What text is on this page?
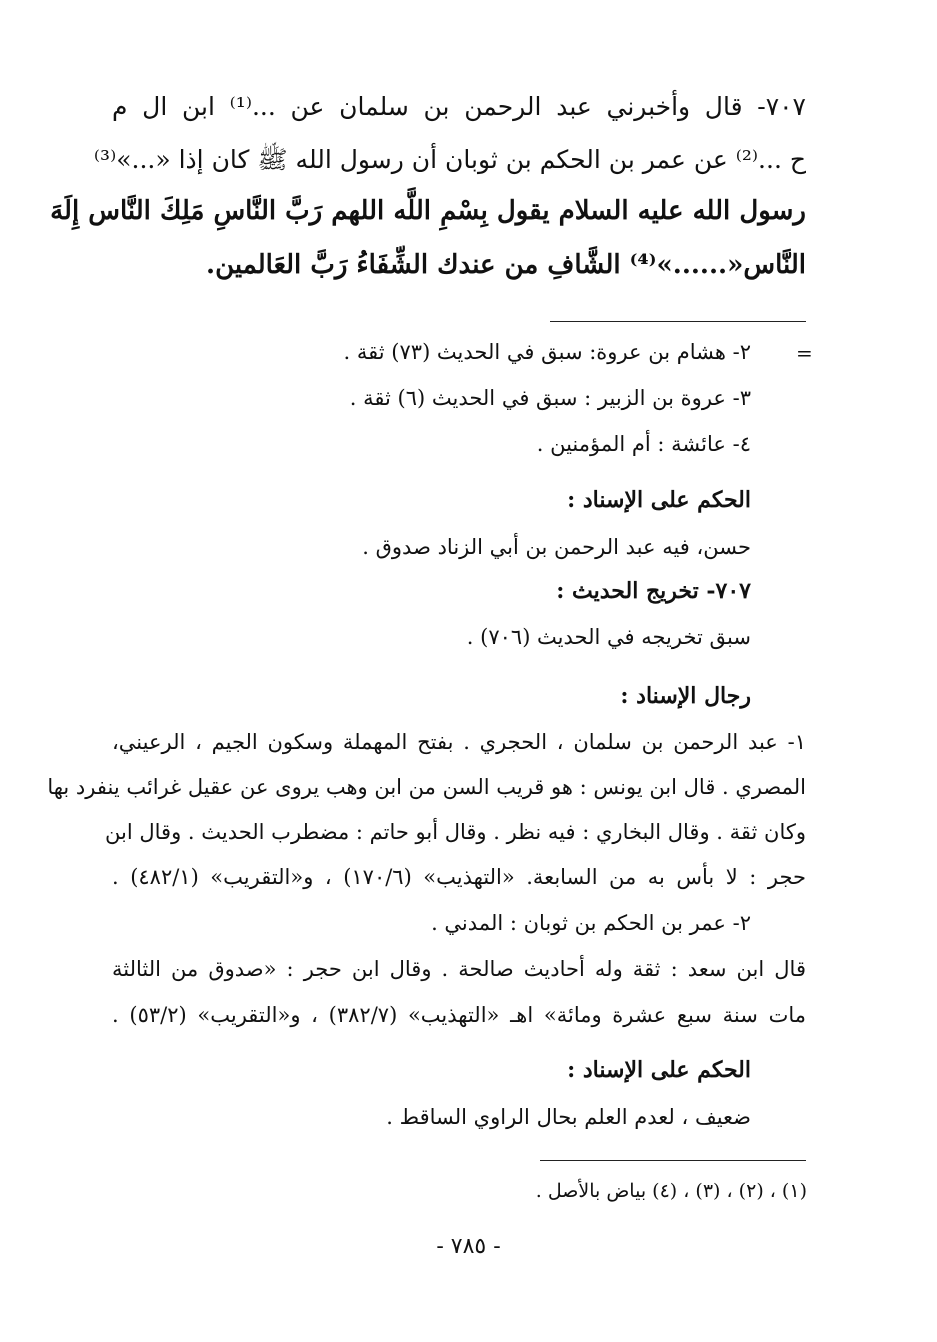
٧٠٧- قال وأخبرني عبد الرحمن بن سلمان عن ...⁽¹⁾ ابن ال م
ح ...⁽²⁾ عن عمر بن الحكم بن ثوبان أن رسول الله ﷺ كان إذا «...»⁽³⁾
رسول الله عليه السلام يقول بِسْمِ اللَّه اللهم رَبَّ النَّاسِ مَلِكَ النَّاس إِلَهَ
النَّاس«......»⁽⁴⁾ الشَّافِ من عندك الشِّفَاءُ رَبَّ العَالمين.
=
٢- هشام بن عروة: سبق في الحديث (٧٣) ثقة .
٣- عروة بن الزبير : سبق في الحديث (٦) ثقة .
٤- عائشة : أم المؤمنين .
الحكم على الإسناد :
حسن، فيه عبد الرحمن بن أبي الزناد صدوق .
٧٠٧- تخريج الحديث :
سبق تخريجه في الحديث (٧٠٦) .
رجال الإسناد :
١- عبد الرحمن بن سلمان ، الحجري . بفتح المهملة وسكون الجيم ، الرعيني،
المصري . قال ابن يونس : هو قريب السن من ابن وهب يروى عن عقيل غرائب ينفرد بها
وكان ثقة . وقال البخاري : فيه نظر . وقال أبو حاتم : مضطرب الحديث . وقال ابن
حجر : لا بأس به من السابعة. «التهذيب» (١٧٠/٦) ، و«التقريب» (٤٨٢/١) .
٢- عمر بن الحكم بن ثوبان : المدني .
قال ابن سعد : ثقة وله أحاديث صالحة . وقال ابن حجر : «صدوق من الثالثة
مات سنة سبع عشرة ومائة» اهـ «التهذيب» (٣٨٢/٧) ، و«التقريب» (٥٣/٢) .
الحكم على الإسناد :
ضعيف ، لعدم العلم بحال الراوي الساقط .
(١) ، (٢) ، (٣) ، (٤) بياض بالأصل .
- ٧٨٥ -
